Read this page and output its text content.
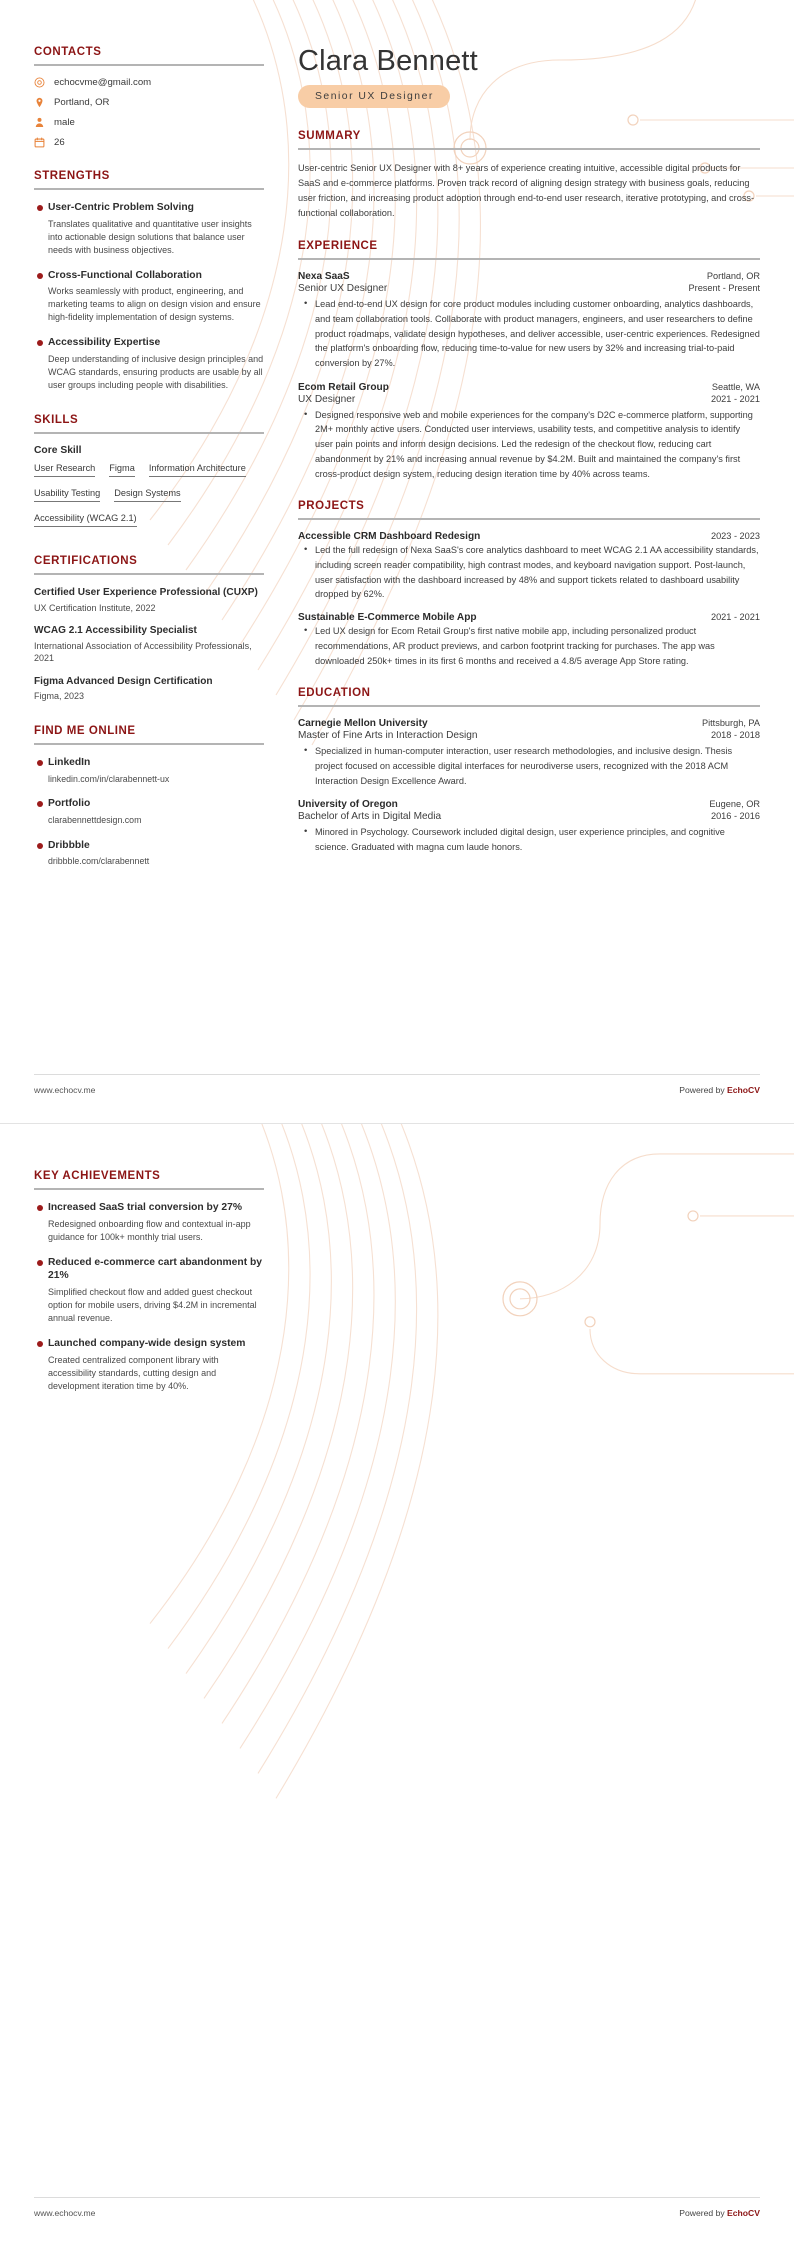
CONTACTS
echocvme@gmail.com
Portland, OR
male
26
STRENGTHS
User-Centric Problem Solving
Translates qualitative and quantitative user insights into actionable design solutions that balance user needs with business objectives.
Cross-Functional Collaboration
Works seamlessly with product, engineering, and marketing teams to align on design vision and ensure high-fidelity implementation of design systems.
Accessibility Expertise
Deep understanding of inclusive design principles and WCAG standards, ensuring products are usable by all user groups including people with disabilities.
SKILLS
Core Skill
User Research Figma Information Architecture
Usability Testing Design Systems
Accessibility (WCAG 2.1)
CERTIFICATIONS
Certified User Experience Professional (CUXP)
UX Certification Institute, 2022
WCAG 2.1 Accessibility Specialist
International Association of Accessibility Professionals, 2021
Figma Advanced Design Certification
Figma, 2023
FIND ME ONLINE
LinkedIn
linkedin.com/in/clarabennett-ux
Portfolio
clarabennettdesign.com
Dribbble
dribbble.com/clarabennett
Clara Bennett
Senior UX Designer
SUMMARY

User-centric Senior UX Designer with 8+ years of experience creating intuitive, accessible digital products for SaaS and e-commerce platforms. Proven track record of aligning design strategy with business goals, reducing user friction, and increasing product adoption through end-to-end user research, iterative prototyping, and cross-functional collaboration.

EXPERIENCE
Nexa SaaS	Portland, OR
Senior UX Designer	Present - Present
• Lead end-to-end UX design for core product modules including customer onboarding, analytics dashboards, and team collaboration tools. Collaborate with product managers, engineers, and user researchers to define product roadmaps, validate design hypotheses, and deliver accessible, user-centric experiences. Redesigned the platform's onboarding flow, reducing time-to-value for new users by 32% and increasing trial-to-paid conversion by 27%.
Ecom Retail Group	Seattle, WA
UX Designer	2021 - 2021
• Designed responsive web and mobile experiences for the company's D2C e-commerce platform, supporting 2M+ monthly active users. Conducted user interviews, usability tests, and competitive analysis to identify user pain points and inform design decisions. Led the redesign of the checkout flow, reducing cart abandonment by 21% and increasing annual revenue by $4.2M. Built and maintained the company's first cross-product design system, reducing design iteration time by 40% across teams.
PROJECTS
Accessible CRM Dashboard Redesign	2023 - 2023
• Led the full redesign of Nexa SaaS's core analytics dashboard to meet WCAG 2.1 AA accessibility standards, including screen reader compatibility, high contrast modes, and keyboard navigation support. Post-launch, user satisfaction with the dashboard increased by 48% and support tickets related to dashboard usability dropped by 62%.
Sustainable E-Commerce Mobile App	2021 - 2021
• Led UX design for Ecom Retail Group's first native mobile app, including personalized product recommendations, AR product previews, and carbon footprint tracking for purchases. The app was downloaded 250k+ times in its first 6 months and received a 4.8/5 average App Store rating.
EDUCATION
Carnegie Mellon University	Pittsburgh, PA
Master of Fine Arts in Interaction Design	2018 - 2018
• Specialized in human-computer interaction, user research methodologies, and inclusive design. Thesis project focused on accessible digital interfaces for neurodiverse users, recognized with the 2018 ACM Interaction Design Excellence Award.
University of Oregon	Eugene, OR
Bachelor of Arts in Digital Media	2016 - 2016
• Minored in Psychology. Coursework included digital design, user experience principles, and cognitive science. Graduated with magna cum laude honors.
www.echocv.me	Powered by EchoCV
KEY ACHIEVEMENTS
Increased SaaS trial conversion by 27%
Redesigned onboarding flow and contextual in-app guidance for 100k+ monthly trial users.
Reduced e-commerce cart abandonment by 21%
Simplified checkout flow and added guest checkout option for mobile users, driving $4.2M in incremental annual revenue.
Launched company-wide design system
Created centralized component library with accessibility standards, cutting design and development iteration time by 40%.
www.echocv.me	Powered by EchoCV
